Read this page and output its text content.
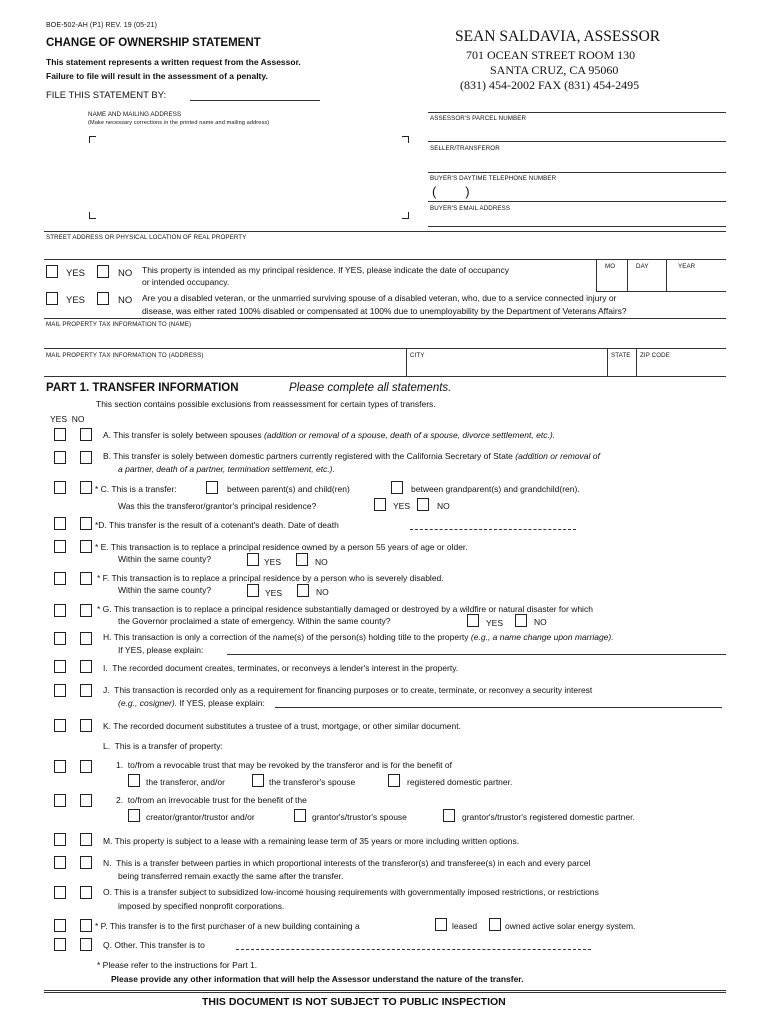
BOE-502-AH (P1) REV. 19 (05-21)
CHANGE OF OWNERSHIP STATEMENT
This statement represents a written request from the Assessor.
Failure to file will result in the assessment of a penalty.
FILE THIS STATEMENT BY:
SEAN SALDAVIA, ASSESSOR
701 OCEAN STREET ROOM 130
SANTA CRUZ, CA 95060
(831) 454-2002 FAX (831) 454-2495
NAME AND MAILING ADDRESS
(Make necessary corrections in the printed name and mailing address)
ASSESSOR'S PARCEL NUMBER
SELLER/TRANSFEROR
BUYER'S DAYTIME TELEPHONE NUMBER
(        )
BUYER'S EMAIL ADDRESS
STREET ADDRESS OR PHYSICAL LOCATION OF REAL PROPERTY
YES	NO This property is intended as my principal residence. If YES, please indicate the date of occupancy
or intended occupancy.
MO	DAY	YEAR
YES	NO Are you a disabled veteran, or the unmarried surviving spouse of a disabled veteran, who, due to a service connected injury or
disease, was either rated 100% disabled or compensated at 100% due to unemployability by the Department of Veterans Affairs?
MAIL PROPERTY TAX INFORMATION TO (NAME)
MAIL PROPERTY TAX INFORMATION TO (ADDRESS)	CITY	STATE ZIP CODE
PART 1. TRANSFER INFORMATION	Please complete all statements.
This section contains possible exclusions from reassessment for certain types of transfers.
YES  NO
A. This transfer is solely between spouses (addition or removal of a spouse, death of a spouse, divorce settlement, etc.).
B. This transfer is solely between domestic partners currently registered with the California Secretary of State (addition or removal of
a partner, death of a partner, termination settlement, etc.).
* C. This is a transfer:	between parent(s) and child(ren)	between grandparent(s) and grandchild(ren).
Was this the transferor/grantor's principal residence?	YES	NO
*D. This transfer is the result of a cotenant's death. Date of death
* E. This transaction is to replace a principal residence owned by a person 55 years of age or older.
Within the same county?	YES	NO
* F. This transaction is to replace a principal residence by a person who is severely disabled.
Within the same county?	YES	NO
* G. This transaction is to replace a principal residence substantially damaged or destroyed by a wildfire or natural disaster for which
the Governor proclaimed a state of emergency. Within the same county?	YES	NO
H. This transaction is only a correction of the name(s) of the person(s) holding title to the property (e.g., a name change upon marriage).
If YES, please explain:
I.  The recorded document creates, terminates, or reconveys a lender's interest in the property.
J.  This transaction is recorded only as a requirement for financing purposes or to create, terminate, or reconvey a security interest
(e.g., cosigner). If YES, please explain:
K. The recorded document substitutes a trustee of a trust, mortgage, or other similar document.
L.  This is a transfer of property:
1.  to/from a revocable trust that may be revoked by the transferor and is for the benefit of
the transferor, and/or	the transferor's spouse	registered domestic partner.
2.  to/from an irrevocable trust for the benefit of the
creator/grantor/trustor and/or	grantor's/trustor's spouse	grantor's/trustor's registered domestic partner.
M. This property is subject to a lease with a remaining lease term of 35 years or more including written options.
N.  This is a transfer between parties in which proportional interests of the transferor(s) and transferee(s) in each and every parcel
being transferred remain exactly the same after the transfer.
O. This is a transfer subject to subsidized low-income housing requirements with governmentally imposed restrictions, or restrictions
imposed by specified nonprofit corporations.
* P. This transfer is to the first purchaser of a new building containing a	leased	owned active solar energy system.
Q. Other. This transfer is to
* Please refer to the instructions for Part 1.
Please provide any other information that will help the Assessor understand the nature of the transfer.
THIS DOCUMENT IS NOT SUBJECT TO PUBLIC INSPECTION
